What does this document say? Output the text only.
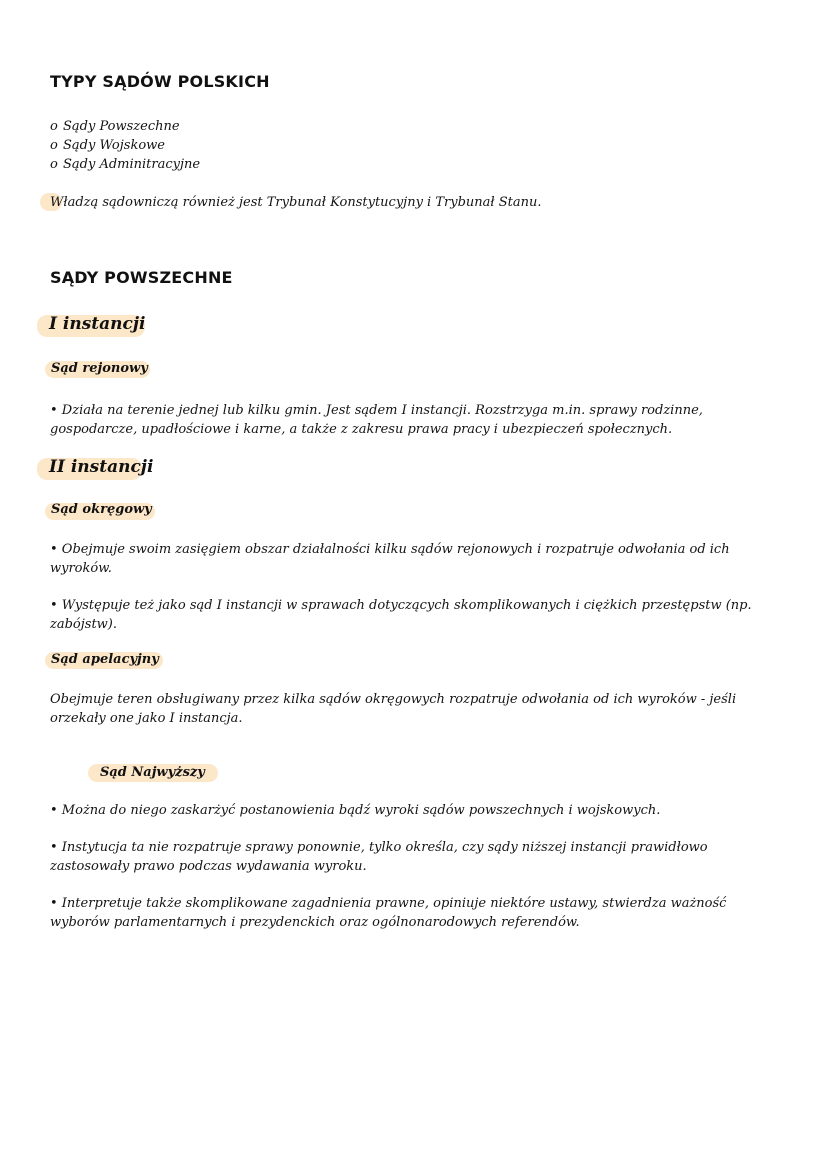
TYPY SĄDÓW POLSKICH
o Sądy Powszechne
o Sądy Wojskowe
o Sądy Adminitracyjne
Władzą sądowniczą również jest Trybunał Konstytucyjny i Trybunał Stanu.
SĄDY POWSZECHNE
I instancji
Sąd rejonowy
• Działa na terenie jednej lub kilku gmin. Jest sądem I instancji. Rozstrzyga m.in. sprawy rodzinne, gospodarcze, upadłościowe i karne, a także z zakresu prawa pracy i ubezpieczeń społecznych.
II instancji
Sąd okręgowy
• Obejmuje swoim zasięgiem obszar działalności kilku sądów rejonowych i rozpatruje odwołania od ich wyroków.
• Występuje też jako sąd I instancji w sprawach dotyczących skomplikowanych i ciężkich przestępstw (np. zabójstw).
Sąd apelacyjny
Obejmuje teren obsługiwany przez kilka sądów okręgowych rozpatruje odwołania od ich wyroków - jeśli orzekały one jako I instancja.
Sąd Najwyższy
• Można do niego zaskarżyć postanowienia bądź wyroki sądów powszechnych i wojskowych.
• Instytucja ta nie rozpatruje sprawy ponownie, tylko określa, czy sądy niższej instancji prawidłowo zastosowały prawo podczas wydawania wyroku.
• Interpretuje także skomplikowane zagadnienia prawne, opiniuje niektóre ustawy, stwierdza ważność wyborów parlamentarnych i prezydenckich oraz ogólnonarodowych referendów.
